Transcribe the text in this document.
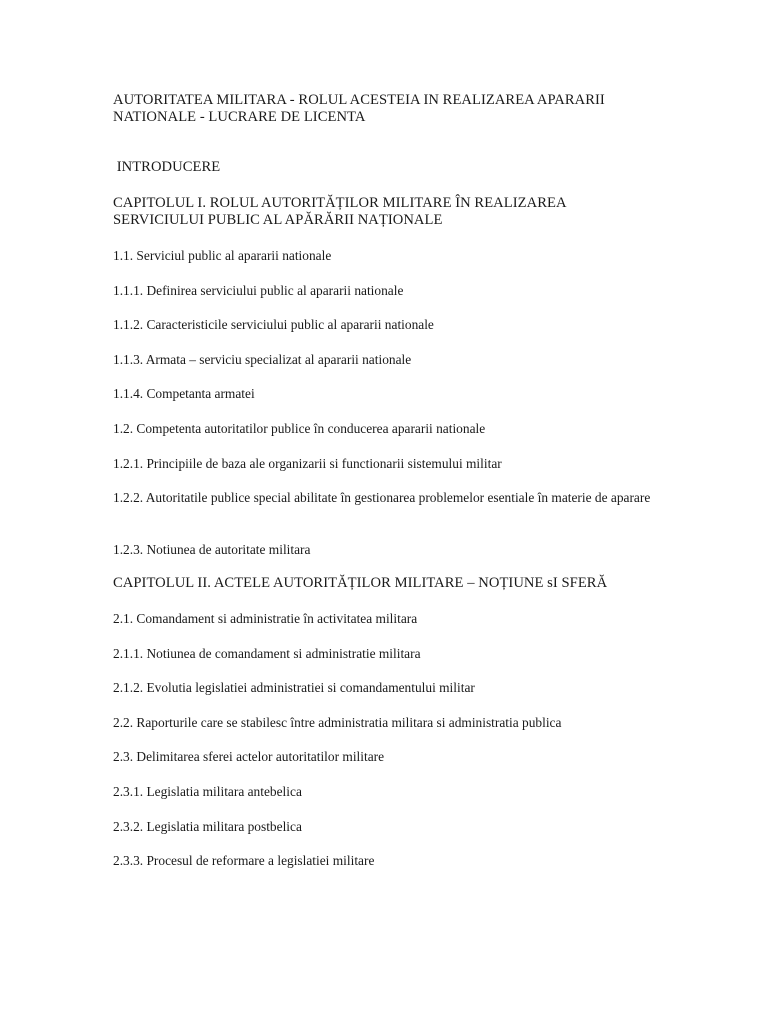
AUTORITATEA MILITARA - ROLUL ACESTEIA IN REALIZAREA APARARII NATIONALE - LUCRARE DE LICENTA

INTRODUCERE

CAPITOLUL I. ROLUL AUTORITĂȚILOR MILITARE ÎN REALIZAREA SERVICIULUI PUBLIC AL APĂRĂRII NAȚIONALE

1.1. Serviciul public al apararii nationale

1.1.1. Definirea serviciului public al apararii nationale

1.1.2. Caracteristicile serviciului public al apararii nationale

1.1.3. Armata – serviciu specializat al apararii nationale

1.1.4. Competanta armatei

1.2. Competenta autoritatilor publice în conducerea apararii nationale

1.2.1. Principiile de baza ale organizarii si functionarii sistemului militar

1.2.2. Autoritatile publice special abilitate în gestionarea problemelor esentiale în materie de aparare

1.2.3. Notiunea de autoritate militara

CAPITOLUL II. ACTELE AUTORITĂȚILOR MILITARE – NOȚIUNE sI SFERĂ

2.1. Comandament si administratie în activitatea militara

2.1.1. Notiunea de comandament si administratie militara

2.1.2. Evolutia legislatiei administratiei si comandamentului militar

2.2. Raporturile care se stabilesc între administratia militara si administratia publica

2.3. Delimitarea sferei actelor autoritatilor militare

2.3.1. Legislatia militara antebelica

2.3.2. Legislatia militara postbelica

2.3.3. Procesul de reformare a legislatiei militare
